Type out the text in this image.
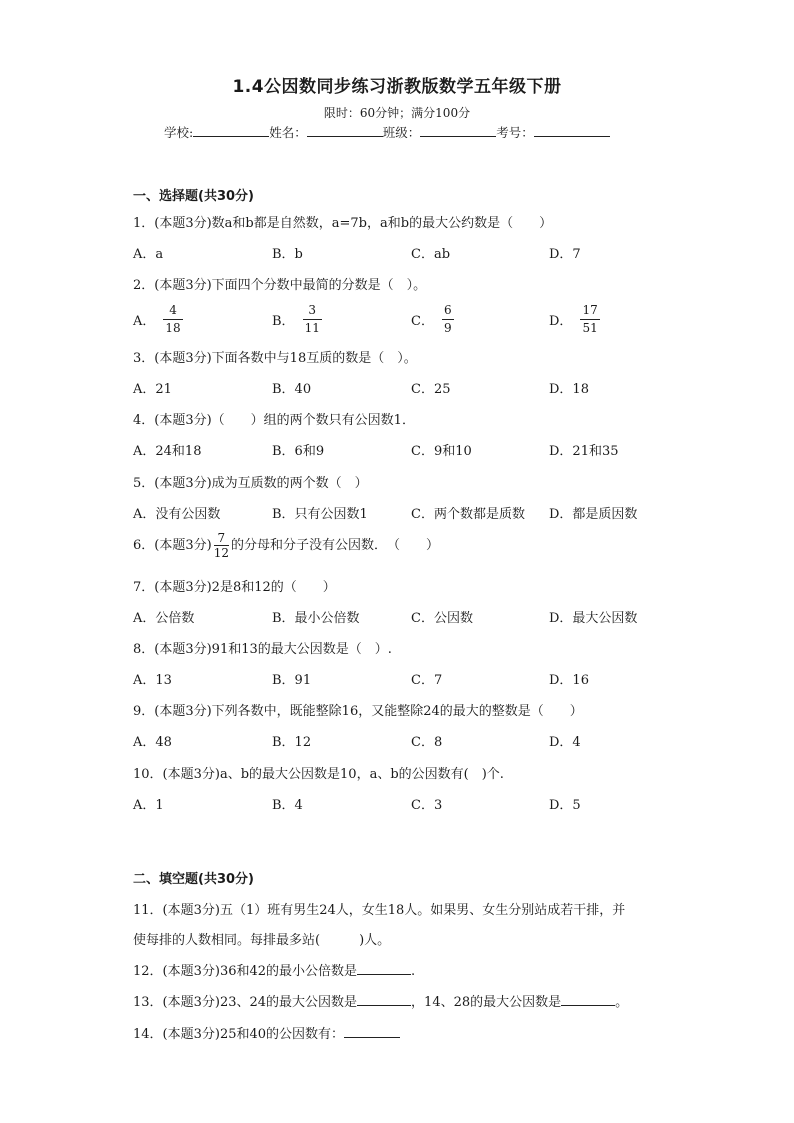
1.4公因数同步练习浙教版数学五年级下册
限时：60分钟；满分100分
学校:	姓名：	班级：	考号：
一、选择题(共30分)
1．(本题3分)数a和b都是自然数，a=7b，a和b的最大公约数是（　　）
A．a	B．b	C．ab	D．7
2．(本题3分)下面四个分数中最简的分数是（　）。
A． $\frac{4}{18}$	B． $\frac{3}{11}$	C． $\frac{6}{9}$	D． $\frac{17}{51}$
3．(本题3分)下面各数中与18互质的数是（　）。
A．21	B．40	C．25	D．18
4．(本题3分)（　　）组的两个数只有公因数1．
A．24和18	B．6和9	C．9和10	D．21和35
5．(本题3分)成为互质数的两个数（　）
A．没有公因数	B．只有公因数1	C．两个数都是质数 D．都是质因数
6．(本题3分) $\frac{7}{12}$ 的分母和分子没有公因数．　（　　）
7．(本题3分)2是8和12的（　　）
A．公倍数	B．最小公倍数	C．公因数	D．最大公因数
8．(本题3分)91和13的最大公因数是（　）.
A．13	B．91	C．7	D．16
9．(本题3分)下列各数中，既能整除16，又能整除24的最大的整数是（　　）
A．48	B．12	C．8	D．4
10．(本题3分)a、b的最大公因数是10，a、b的公因数有(　)个.
A．1	B．4	C．3	D．5
二、填空题(共30分)
11．(本题3分)五（1）班有男生24人，女生18人。如果男、女生分别站成若干排，并
使每排的人数相同。每排最多站(　　　)人。
12．(本题3分)36和42的最小公倍数是	.
13．(本题3分)23、24的最大公因数是	，14、28的最大公因数是	。
14．(本题3分)25和40的公因数有：
